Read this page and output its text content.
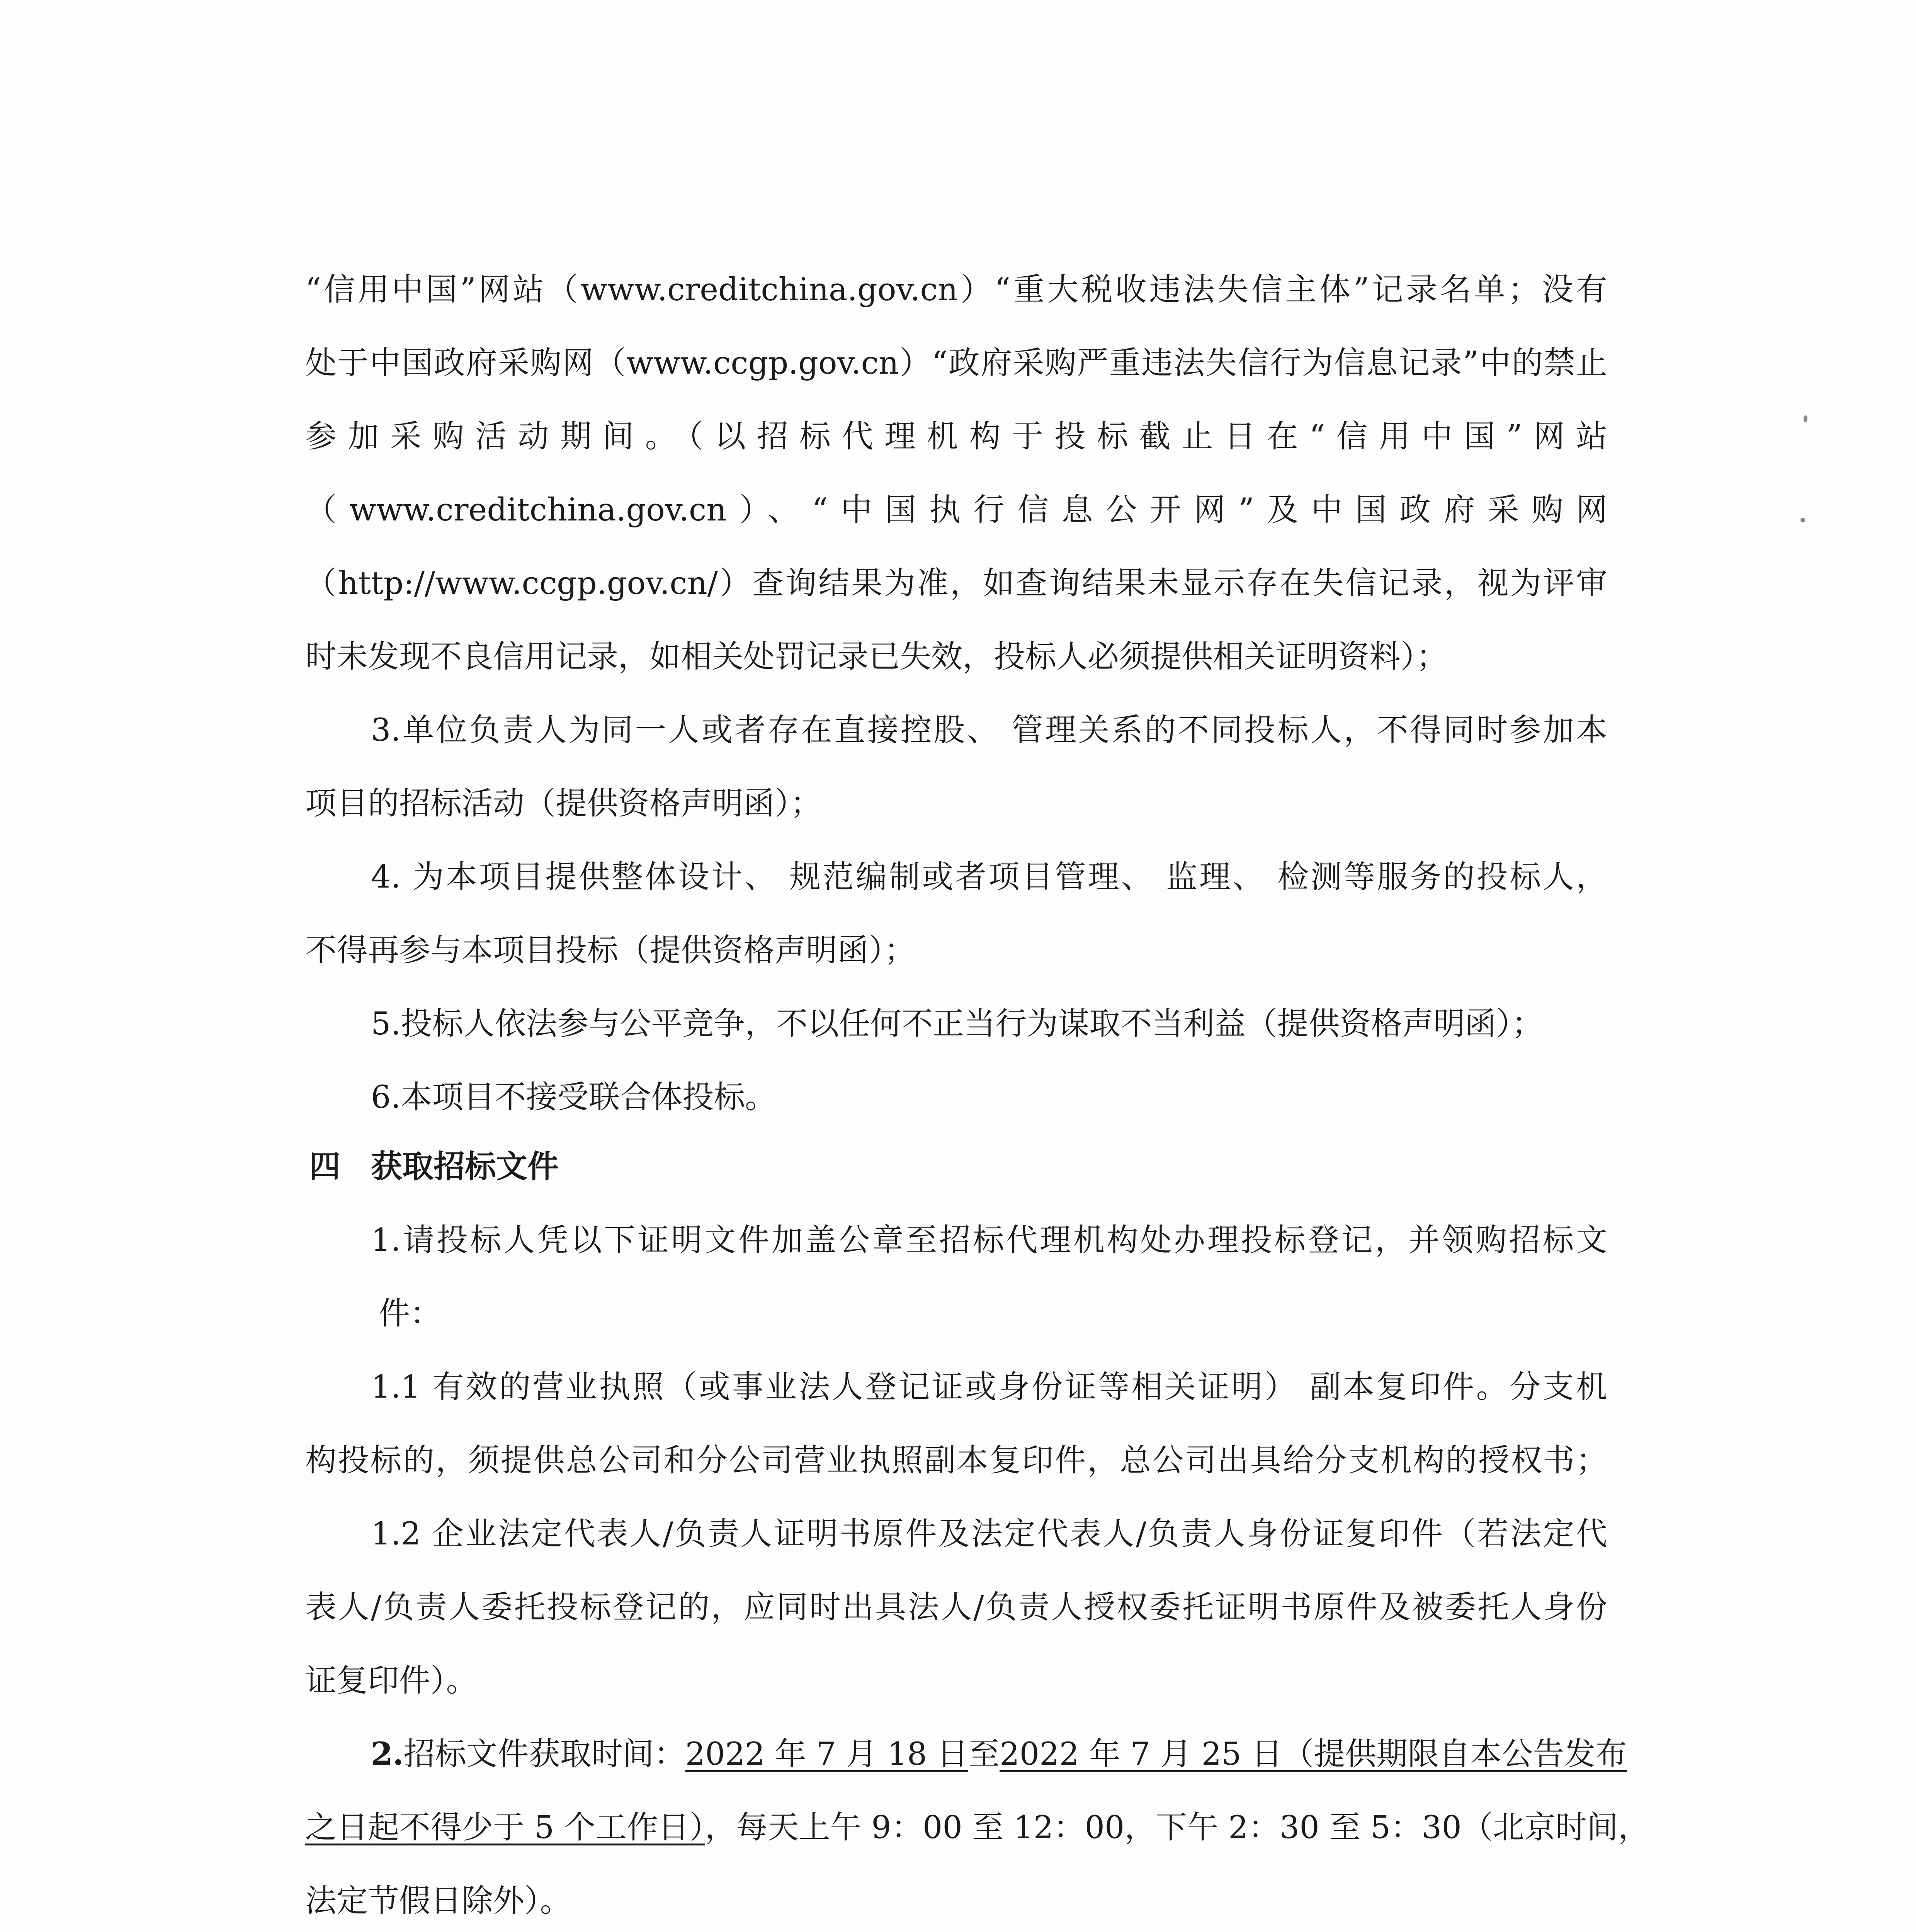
“信用中国”网站（www.creditchina.gov.cn）“重大税收违法失信主体”记录名单；没有
处于中国政府采购网（www.ccgp.gov.cn）“政府采购严重违法失信行为信息记录”中的禁止
参加采购活动期间。（以招标代理机构于投标截止日在“信用中国”网站
（www.creditchina.gov.cn）、“中国执行信息公开网”及中国政府采购网
（http://www.ccgp.gov.cn/）查询结果为准，如查询结果未显示存在失信记录，视为评审
时未发现不良信用记录，如相关处罚记录已失效，投标人必须提供相关证明资料）；
3.单位负责人为同一人或者存在直接控股、 管理关系的不同投标人，不得同时参加本
项目的招标活动（提供资格声明函）；
4. 为本项目提供整体设计、 规范编制或者项目管理、 监理、 检测等服务的投标人，
不得再参与本项目投标（提供资格声明函）；
5.投标人依法参与公平竞争，不以任何不正当行为谋取不当利益（提供资格声明函）；
6.本项目不接受联合体投标。
四 获取招标文件
1.请投标人凭以下证明文件加盖公章至招标代理机构处办理投标登记，并领购招标文
件：
1.1 有效的营业执照（或事业法人登记证或身份证等相关证明） 副本复印件。分支机
构投标的，须提供总公司和分公司营业执照副本复印件，总公司出具给分支机构的授权书；
1.2 企业法定代表人/负责人证明书原件及法定代表人/负责人身份证复印件（若法定代
表人/负责人委托投标登记的，应同时出具法人/负责人授权委托证明书原件及被委托人身份
证复印件）。
2.招标文件获取时间：2022 年 7 月 18 日至2022 年 7 月 25 日（提供期限自本公告发布
之日起不得少于 5 个工作日），每天上午 9：00 至 12：00，下午 2：30 至 5：30（北京时间，
法定节假日除外）。
